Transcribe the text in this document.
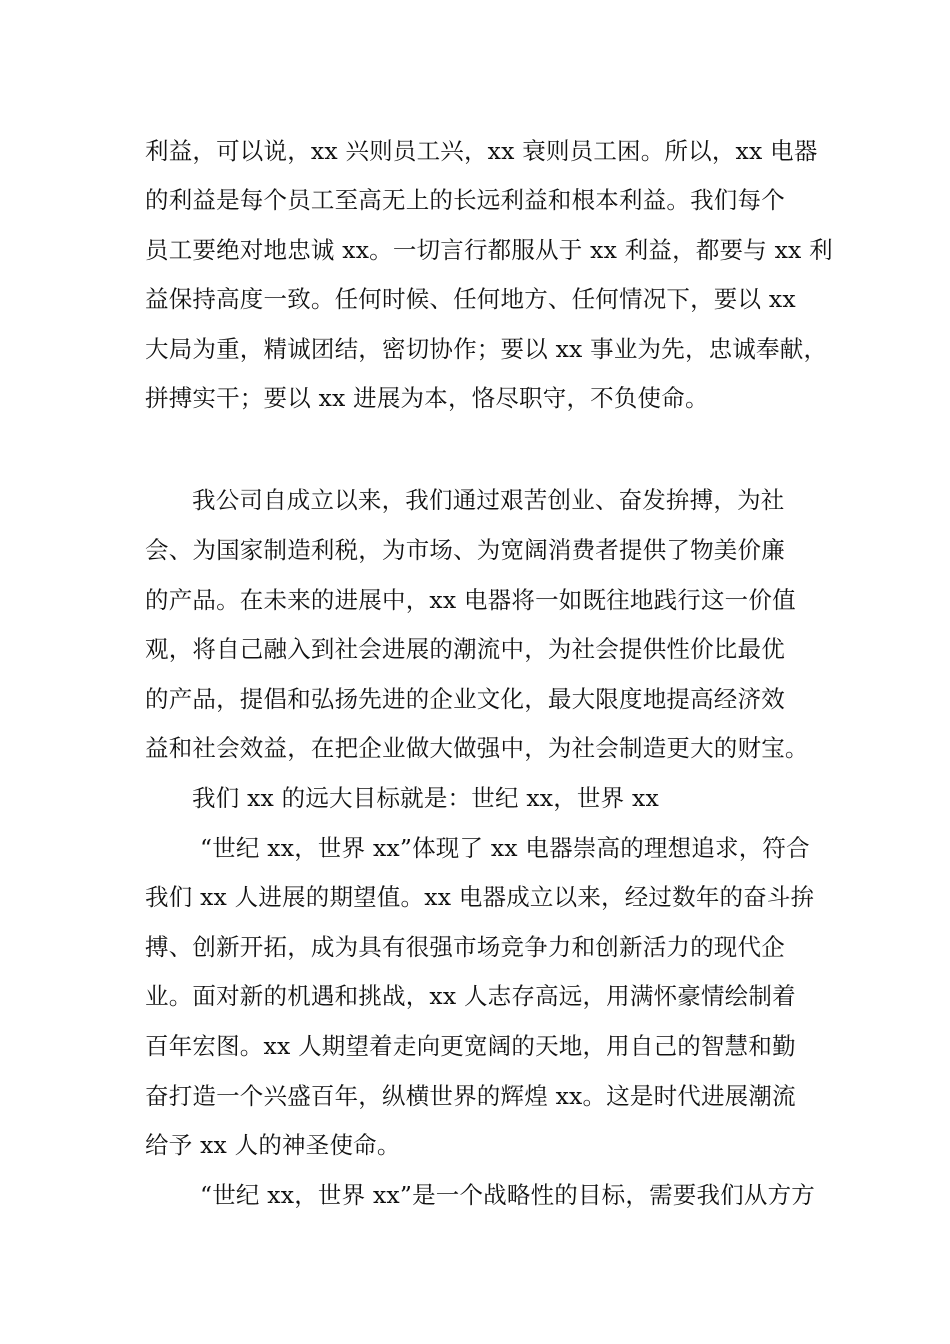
利益，可以说，xx 兴则员工兴，xx 衰则员工困。所以，xx 电器
的利益是每个员工至高无上的长远利益和根本利益。我们每个
员工要绝对地忠诚 xx。一切言行都服从于 xx 利益，都要与 xx 利
益保持高度一致。任何时候、任何地方、任何情况下，要以 xx
大局为重，精诚团结，密切协作；要以 xx 事业为先，忠诚奉献，
拼搏实干；要以 xx 进展为本，恪尽职守，不负使命。
我公司自成立以来，我们通过艰苦创业、奋发拚搏，为社
会、为国家制造利税，为市场、为宽阔消费者提供了物美价廉
的产品。在未来的进展中，xx 电器将一如既往地践行这一价值
观，将自己融入到社会进展的潮流中，为社会提供性价比最优
的产品，提倡和弘扬先进的企业文化，最大限度地提高经济效
益和社会效益，在把企业做大做强中，为社会制造更大的财宝。
我们 xx 的远大目标就是：世纪 xx，世界 xx
“世纪 xx，世界 xx”体现了 xx 电器崇高的理想追求，符合
我们 xx 人进展的期望值。xx 电器成立以来，经过数年的奋斗拚
搏、创新开拓，成为具有很强市场竞争力和创新活力的现代企
业。面对新的机遇和挑战，xx 人志存高远，用满怀豪情绘制着
百年宏图。xx 人期望着走向更宽阔的天地，用自己的智慧和勤
奋打造一个兴盛百年，纵横世界的辉煌 xx。这是时代进展潮流
给予 xx 人的神圣使命。
“世纪 xx，世界 xx”是一个战略性的目标，需要我们从方方
